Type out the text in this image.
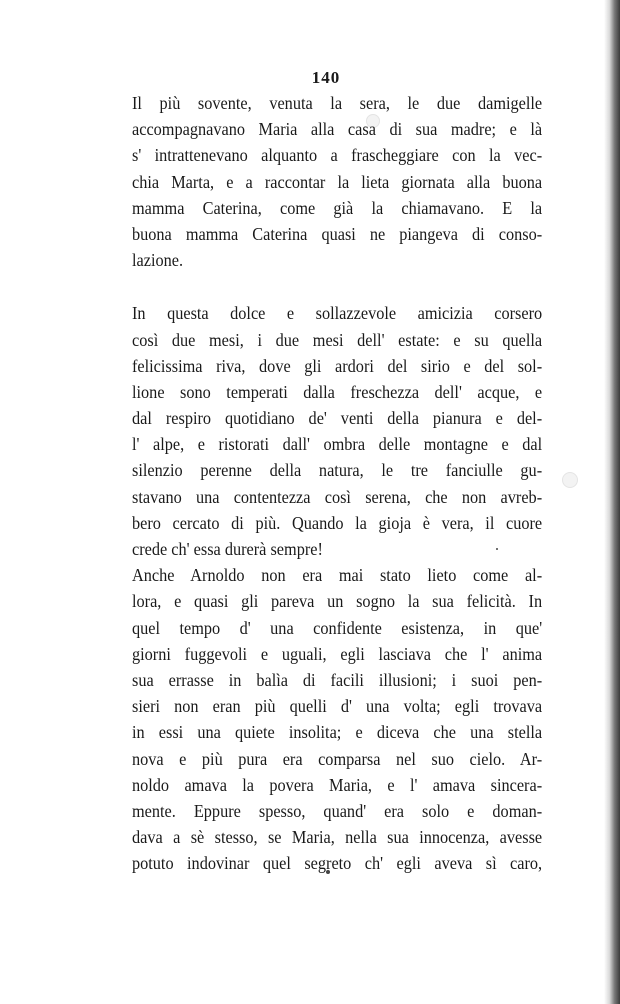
140

Il più sovente, venuta la sera, le due damigelle
accompagnavano Maria alla casa di sua madre; e là
s' intrattenevano alquanto a frascheggiare con la vec-
chia Marta, e a raccontar la lieta giornata alla buona
mamma Caterina, come già la chiamavano. E la
buona mamma Caterina quasi ne piangeva di conso-
lazione.

In questa dolce e sollazzevole amicizia corsero
così due mesi, i due mesi dell' estate: e su quella
felicissima riva, dove gli ardori del sirio e del sol-
lione sono temperati dalla freschezza dell' acque, e
dal respiro quotidiano de' venti della pianura e del-
l' alpe, e ristorati dall' ombra delle montagne e dal
silenzio perenne della natura, le tre fanciulle gu-
stavano una contentezza così serena, che non avreb-
bero cercato di più. Quando la gioja è vera, il cuore
crede ch' essa durerà sempre!

Anche Arnoldo non era mai stato lieto come al-
lora, e quasi gli pareva un sogno la sua felicità. In
quel tempo d' una confidente esistenza, in que'
giorni fuggevoli e uguali, egli lasciava che l' anima
sua errasse in balìa di facili illusioni; i suoi pen-
sieri non eran più quelli d' una volta; egli trovava
in essi una quiete insolita; e diceva che una stella
nova e più pura era comparsa nel suo cielo. Ar-
noldo amava la povera Maria, e l' amava sincera-
mente. Eppure spesso, quand' era solo e doman-
dava a sè stesso, se Maria, nella sua innocenza, avesse
potuto indovinar quel segreto ch' egli aveva sì caro,
